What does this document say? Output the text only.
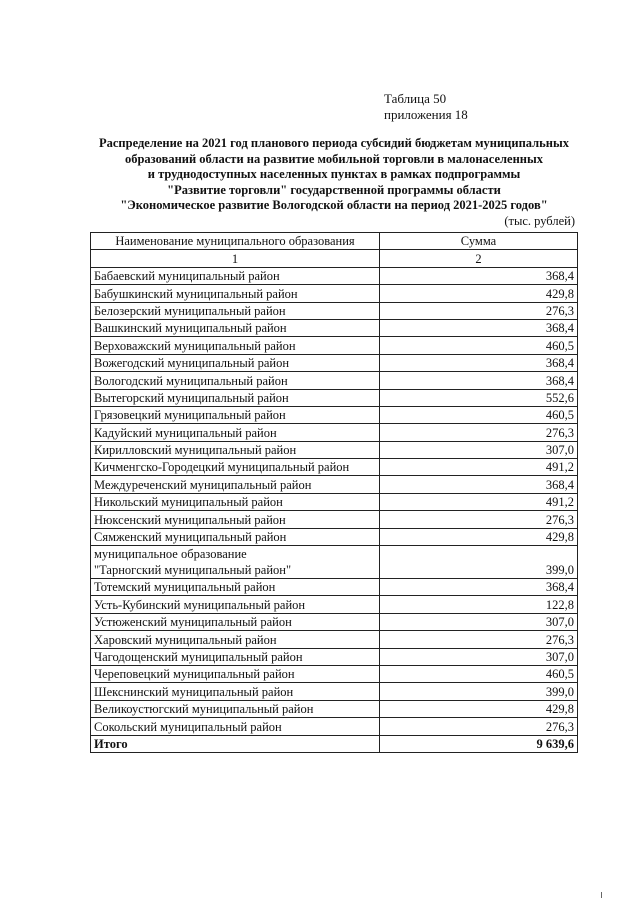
Таблица 50
приложения 18
Распределение на 2021 год планового периода субсидий бюджетам муниципальных
образований области на развитие мобильной торговли в малонаселенных
и труднодоступных населенных пунктах в рамках подпрограммы
"Развитие торговли" государственной программы области
"Экономическое развитие Вологодской области на период 2021-2025 годов"
(тыс. рублей)
Наименование муниципального образования	Сумма
1	2
Бабаевский муниципальный район	368,4
Бабушкинский муниципальный район	429,8
Белозерский муниципальный район	276,3
Вашкинский муниципальный район	368,4
Верховажский муниципальный район	460,5
Вожегодский муниципальный район	368,4
Вологодский муниципальный район	368,4
Вытегорский муниципальный район	552,6
Грязовецкий муниципальный район	460,5
Кадуйский муниципальный район	276,3
Кирилловский муниципальный район	307,0
Кичменгско-Городецкий муниципальный район	491,2
Междуреченский муниципальный район	368,4
Никольский муниципальный район	491,2
Нюксенский муниципальный район	276,3
Сямженский муниципальный район	429,8

муниципальное образование
"Тарногский муниципальный район"	399,0
Тотемский муниципальный район	368,4
Усть-Кубинский муниципальный район	122,8
Устюженский муниципальный район	307,0
Харовский муниципальный район	276,3
Чагодощенский муниципальный район	307,0
Череповецкий муниципальный район	460,5
Шекснинский муниципальный район	399,0
Великоустюгский муниципальный район	429,8
Сокольский муниципальный район	276,3
Итого	9 639,6
